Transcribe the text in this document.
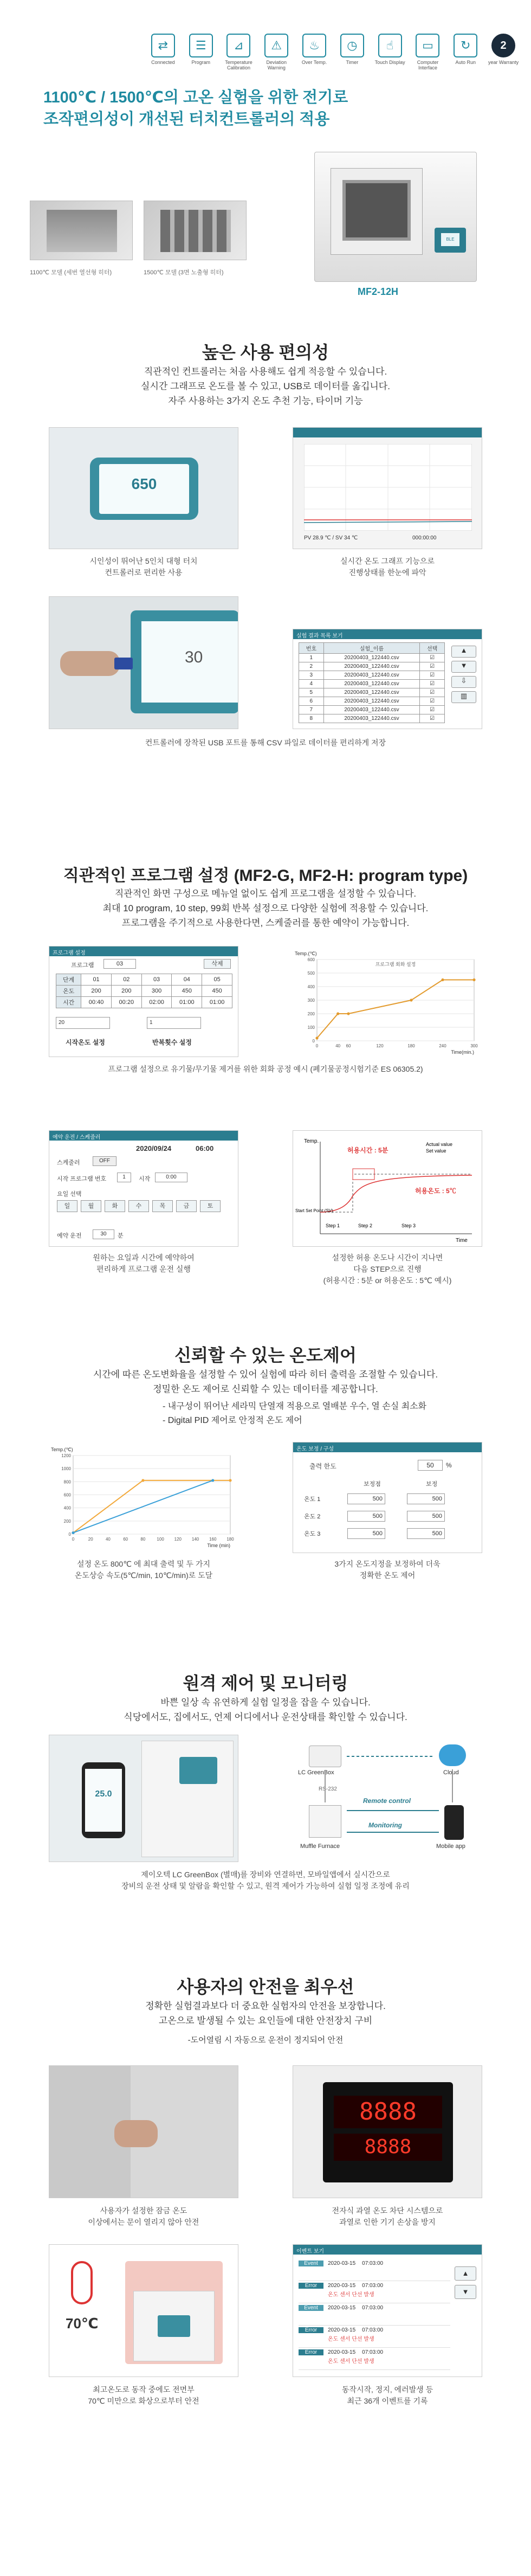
⇄
Connected
☰
Program
⊿
Temperature Calibration
⚠
Deviation Warning
♨
Over Temp.
◷
Timer
☝
Touch Display
▭
Computer Interface
↻
Auto Run
2
year Warranty
1100℃ / 1500℃의 고온 실험을 위한 전기로
조작편의성이 개선된 터치컨트롤러의 적용
1100℃ 모델 (세번 열선형 히터)	1500℃ 모델 (3면 노출형 히터)
BLE
MF2-12H
높은 사용 편의성
직관적인 컨트롤러는 처음 사용해도 쉽게 적응할 수 있습니다.
실시간 그래프로 온도를 볼 수 있고, USB로 데이터를 옮깁니다.
자주 사용하는 3가지 온도 추천 기능, 타이머 기능
650
시인성이 뛰어난 5인치 대형 터치
컨트롤러로 편리한 사용
PV 28.9 ℃ / SV 34 ℃	000:00:00
실시간 온도 그래프 기능으로
진행상태를 한눈에 파악
30
실험 결과 목록 보기
번호	실험_이름	선택
1	20200403_122440.csv	☑
2	20200403_122440.csv	☑
3	20200403_122440.csv	☑
4	20200403_122440.csv	☑
5	20200403_122440.csv	☑
6	20200403_122440.csv	☑
7	20200403_122440.csv	☑
8	20200403_122440.csv	☑
▲
▼
⇩
▥
컨트롤러에 장착된 USB 포트를 통해 CSV 파일로 데이터를 편리하게 저장
직관적인 프로그램 설정 (MF2-G, MF2-H: program type)
직관적인 화면 구성으로 메뉴얼 없이도 쉽게 프로그램을 설정할 수 있습니다.
최대 10 program, 10 step, 99회 반복 설정으로 다양한 실험에 적용할 수 있습니다.
프로그램을 주기적으로 사용한다면, 스케줄러를 통한 예약이 가능합니다.
프로그램 설정
프로그램	03	삭제
단계	01	02	03	04	05
온도	200	200	300	450	450
시간	00:40	00:20	02:00	01:00	01:00
20	1
시작온도 설정	반복횟수 설정	0
100
200
300
400
500
600
0	40 60	120	180	240	300
Temp.(℃)
Time(min.)
프로그램 회화 설정
프로그램 설정으로 유기물/무기물 제거를 위한 회화 공정 예시 (폐기물공정시험기준 ES 06305.2)
예약 운전 / 스케줄러
2020/09/24	06:00
스케줄러	OFF
시작 프로그램 번호	1	시작	0:00
요일 선택
일	월	화	수	목	금	토
예약 운전	30	분
원하는 요일과 시간에 예약하여
편리하게 프로그램 운전 실행
Temp.
Time
허용시간 : 5분
허용온도 : 5℃
Actual value
Set value
Start Set Point (SV)
Step 1	Step 2	Step 3
설정한 허용 온도나 시간이 지나면
다음 STEP으로 진행
(허용시간 : 5분 or 허용온도 : 5℃ 예시)
신뢰할 수 있는 온도제어
시간에 따른 온도변화율을 설정할 수 있어 실험에 따라 히터 출력을 조절할 수 있습니다.
정밀한 온도 제어로 신뢰할 수 있는 데이터를 제공합니다.
- 내구성이 뛰어난 세라믹 단열재 적용으로 열배분 우수, 열 손실 최소화
- Digital PID 제어로 안정적 온도 제어
0
200
400
600
800
1000
1200
0	20	40	60	80	100 120 140 160 180
Temp.(℃)
Time (min)
설정 온도 800℃ 에 최대 출력 및 두 가지
온도상승 속도(5℃/min, 10℃/min)로 도달
온도 보정 / 구성
출력 한도	50	%
보정점	보정
온도 1	500	500
온도 2	500	500
온도 3	500	500
3가지 온도지정을 보정하여 더욱
정확한 온도 제어
원격 제어 및 모니터링
바쁜 일상 속 유연하게 실험 일정을 잡을 수 있습니다.
식당에서도, 집에서도, 언제 어디에서나 운전상태를 확인할 수 있습니다.
25.0
LC GreenBox	Cloud
RS-232
Remote control
Monitoring
Muffle Furnace	Mobile app
제이오텍 LC GreenBox (별매)를 장비와 연결하면, 모바일앱에서 실시간으로
장비의 운전 상태 및 알람을 확인할 수 있고, 원격 제어가 가능하여 실험 일정 조정에 유리
사용자의 안전을 최우선
정확한 실험결과보다 더 중요한 실험자의 안전을 보장합니다.
고온으로 발생될 수 있는 요인들에 대한 안전장치 구비
-도어열림 시 자동으로 운전이 정지되어 안전
사용자가 설정한 잠금 온도
이상에서는 문이 열리지 않아 안전
8888
8888
전자식 과열 온도 차단 시스템으로
과열로 인한 기기 손상을 방지
70℃
최고온도로 동작 중에도 전면부
70℃ 미만으로 화상으로부터 안전
이벤트 보기
Event 2020-03-15 07:03:00
Error 2020-03-15 07:03:00
온도 센서 단선 발생
Event 2020-03-15 07:03:00
Error 2020-03-15 07:03:00
온도 센서 단선 발생
Error 2020-03-15 07:03:00
온도 센서 단선 발생
▲
▼
동작시작, 정지, 에러발생 등
최근 36개 이벤트를 기록
